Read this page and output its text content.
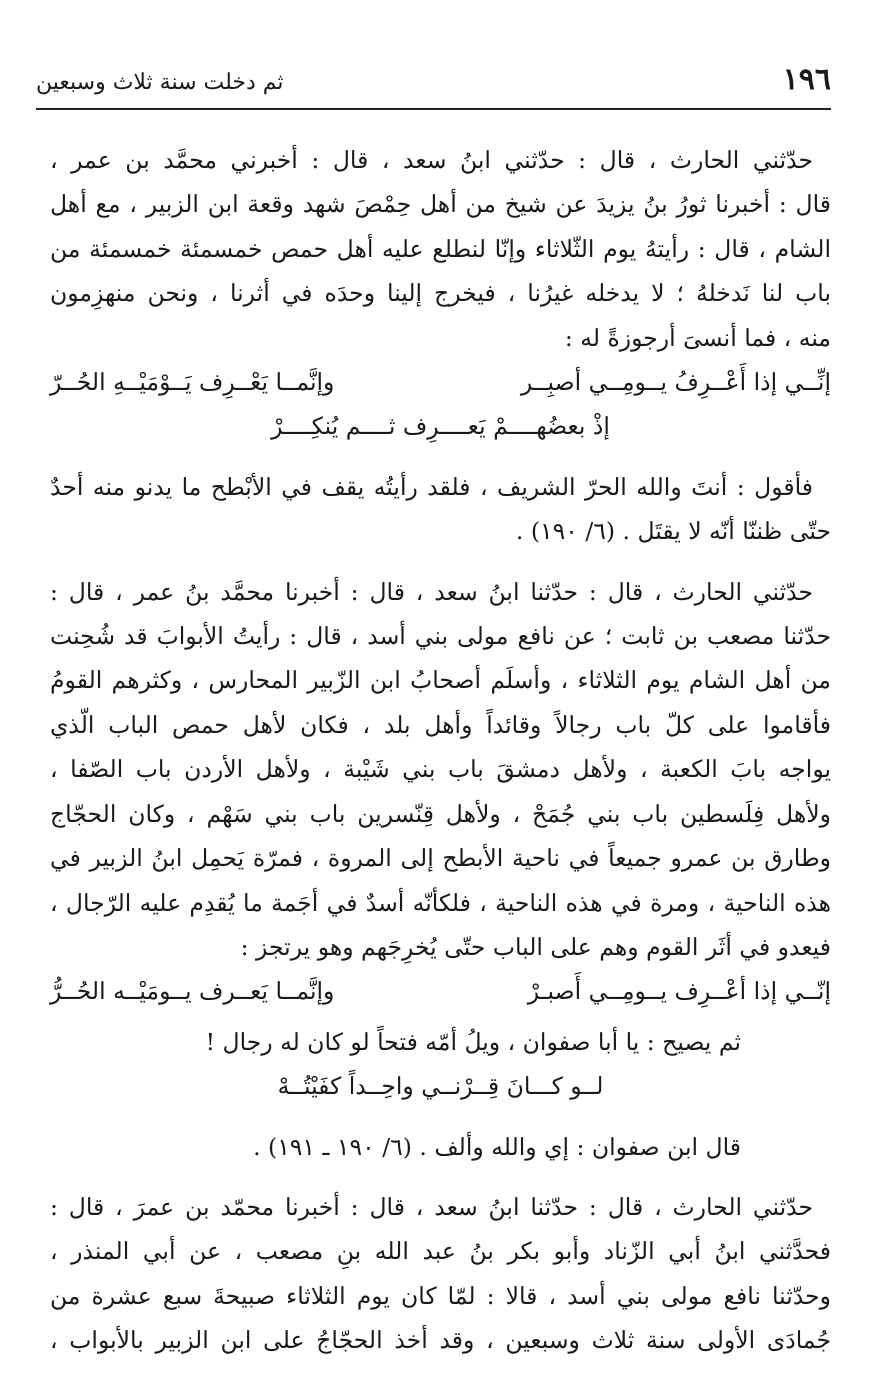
١٩٦
ثم دخلت سنة ثلاث وسبعين
حدّثني الحارث ، قال : حدّثني ابنُ سعد ، قال : أخبرني محمَّد بن عمر ،
قال : أخبرنا ثورُ بنُ يزيدَ عن شيخ من أهل حِمْصَ شهد وقعة ابن الزبير ، مع أهل
الشام ، قال : رأيتهُ يوم الثّلاثاء وإنّا لنطلع عليه أهل حمص خمسمئة خمسمئة من
باب لنا نَدخلهُ ؛ لا يدخله غيرُنا ، فيخرج إلينا وحدَه في أثرنا ، ونحن منهزِمون
منه ، فما أنسىَ أرجوزةً له :
إنِّــي إذا أَعْــرِفُ يــومِــي أصبِــر
وإنَّمــا يَعْــرِف يَــوْمَيْــهِ الحُــرّ
إذْ بعضُهــــمْ يَعــــرِف ثــــم يُنكِــــرْ
فأقول : أنتَ والله الحرّ الشريف ، فلقد رأيتُه يقف في الأبْطح ما يدنو منه أحدٌ
حتّى ظننّا أنّه لا يقتَل . (٦/ ١٩٠) .
حدّثني الحارث ، قال : حدّثنا ابنُ سعد ، قال : أخبرنا محمَّد بنُ عمر ، قال :
حدّثنا مصعب بن ثابت ؛ عن نافع مولى بني أسد ، قال : رأيتُ الأبوابَ قد شُحِنت
من أهل الشام يوم الثلاثاء ، وأسلَم أصحابُ ابن الزّبير المحارس ، وكثرهم القومُ
فأقاموا على كلّ باب رجالاً وقائداً وأهل بلد ، فكان لأهل حمص الباب الّذي
يواجه بابَ الكعبة ، ولأهل دمشقَ باب بني شَيْبة ، ولأهل الأردن باب الصّفا ،
ولأهل فِلَسطين باب بني جُمَحْ ، ولأهل قِنّسرين باب بني سَهْم ، وكان الحجّاج
وطارق بن عمرو جميعاً في ناحية الأبطح إلى المروة ، فمرّة يَحمِل ابنُ الزبير في
هذه الناحية ، ومرة في هذه الناحية ، فلكأنّه أسدٌ في أجَمة ما يُقدِم عليه الرّجال ،
فيعدو في أثَر القوم وهم على الباب حتّى يُخرِجَهم وهو يرتجز :
إنّــي إذا أعْــرِف يــومِــي أَصبـرْ
وإنَّمــا يَعــرف يــومَيْــه الحُــرُّ
ثم يصيح : يا أبا صفوان ، ويلُ أمّه فتحاً لو كان له رجال !
لــو كـــانَ قِــرْنــي واحِــداً كفَيْتُــهْ
قال ابن صفوان : إي والله وألف . (٦/ ١٩٠ ـ ١٩١) .
حدّثني الحارث ، قال : حدّثنا ابنُ سعد ، قال : أخبرنا محمّد بن عمرَ ، قال :
فحدَّثني ابنُ أبي الزّناد وأبو بكر بنُ عبد الله بنِ مصعب ، عن أبي المنذر ،
وحدّثنا نافع مولى بني أسد ، قالا : لمّا كان يوم الثلاثاء صبيحةَ سبع عشرة من
جُمادَى الأولى سنة ثلاث وسبعين ، وقد أخذ الحجّاجُ على ابن الزبير بالأبواب ،
